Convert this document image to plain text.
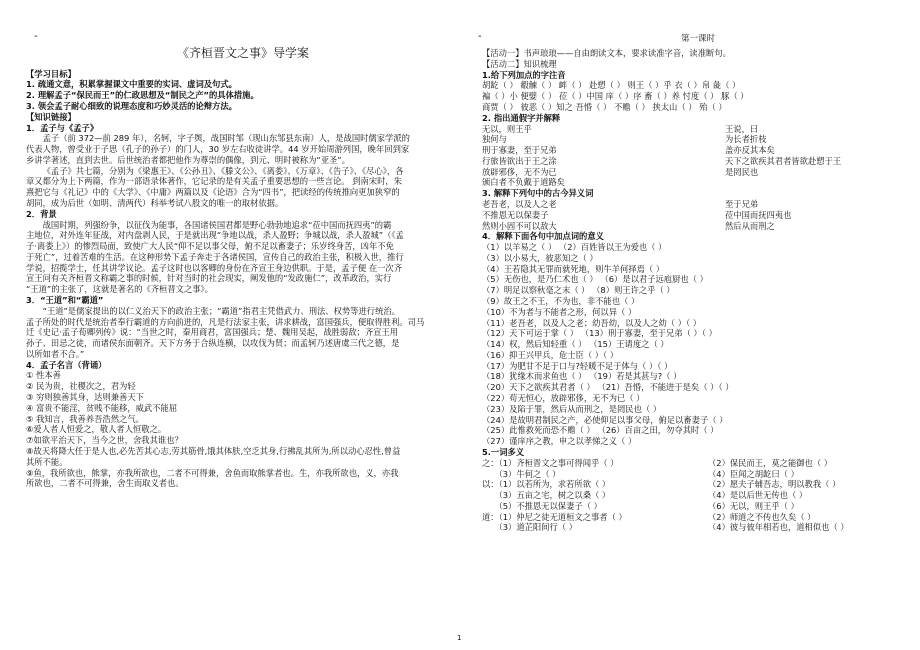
-
《齐桓晋文之事》导学案

【学习目标】

1. 疏通文意，积累掌握课文中重要的实词、虚词及句式。

2. 理解孟子“保民而王”的仁政思想及“制民之产”的具体措施。

3. 领会孟子耐心细致的说理态度和巧妙灵活的论辩方法。

【知识链接】

1．孟子与《孟子》

孟子（前 372—前 289 年），名轲，字子舆，战国时邹（现山东邹县东南）人，是战国时儒家学派的

代表人物，曾受业于子思（孔子的孙子）的门人，30 岁左右收徒讲学。44 岁开始周游列国，晚年回到家

乡讲学著述，直到去世。后世统治者都把他作为尊崇的偶像，到元、明时被称为“亚圣”。

《孟子》共七篇，分别为《梁惠王》、《公孙丑》、《滕文公》、《离娄》、《万章》、《告子》、《尽心》，各

章又都分为上下两篇，作为一部语录体著作，它记录的是有关孟子重要思想的一些言论。 到南宋时，朱

熹把它与《礼记》中的《大学》、《中庸》两篇以及《论语》合为“四书”，把读经的传统推向更加狭窄的

胡同，成为后世（如明、清两代）科举考试八股文的唯一的取材依据。

2．背景

战国时期，列强纷争，以征伐为能事，各国诸侯国君都是野心勃勃地追求“莅中国而抚四夷”的霸

主地位，对外连年征战，对内盘剥人民，于是就出现“争地以战，杀人盈野；争城以战，杀人盈城”（《孟

子·离娄上》）的惨烈局面，致使广大人民“仰不足以事父母，俯不足以畜妻子；乐岁终身苦，凶年不免

于死亡”，过着苦难的生活。在这种形势下孟子奔走于各诸侯国，宣传自己的政治主张，积极入世，推行

学说，招揽学士，任其讲学议论。孟子这时也以客卿的身份在齐宣王身边供职。于是，孟子便 在一次齐

宣王问有关齐桓晋文称霸之事的时候，针对当时的社会现实，阐发他的“发政施仁”，改革政治，实行

“王道”的主张了，这就是著名的《齐桓晋文之事》。

3．“王道”和“霸道”

“王道”是儒家提出的以仁义治天下的政治主张；“霸道”指君主凭借武力、刑法、权势等进行统治。

孟子所处的时代是统治者奉行霸道的方向前进的，凡是行法家主张，讲求耕战，富国强兵，便取得胜利。司马

迁《史记·孟子荀卿列传》说：“当世之时，秦用商君，富国强兵；楚、魏用吴起，战胜弱敌；齐宣王用

孙子、田忌之徒，而诸侯东面朝齐。天下方务于合纵连横，以攻伐为贤；而孟轲乃述唐虞三代之德，是

以所如者不合。”

4．孟子名言（背诵）

① 性本善

② 民为贵，社稷次之，君为轻

③ 穷则独善其身，达则兼善天下

④ 富贵不能淫，贫贱不能移，威武不能屈

⑤ 我知言，我善养吾浩然之气。

⑥爱人者人恒爱之，敬人者人恒敬之。

⑦如欲平治天下，当今之世，舍我其谁也？

⑧故天将降大任于是人也,必先苦其心志,劳其筋骨,饿其体肤,空乏其身,行拂乱其所为,所以动心忍性,曾益

其所不能。

⑨鱼，我所欲也，熊掌，亦我所欲也，二者不可得兼，舍鱼而取熊掌者也。生，亦我所欲也，义，亦我

所欲也，二者不可得兼，舍生而取义者也。

-	第一课时

【活动一】书声琅琅——自由朗读文本，要求读准字音，读准断句。

【活动二】知识梳理

1.给下列加点的字注音

胡龁（ ） 觳觫（ ） 衅（ ） 赴愬（ ） 则王（ ）乎 衣（ ）帛 彘（ ）

褊（ ）小 便嬖（ ） 莅（ ）中国 庠（ ）序 畜（ ）养 忖度（ ） 豚（ ）

商贾（ ） 彼恶（ ）知之 吾惛（ ） 不赡（ ） 挟太山（ ） 殆（ ）

2. 指出通假字并解释

无以，则王乎	王说，曰
独何与	为长者折枝
刑于寡妻，至于兄弟	盖亦反其本矣
行旅皆欲出于王之涂	天下之欲疾其君者皆欲赴愬于王
放辟邪侈，无不为已	是罔民也
颁白者不负戴于道路矣

3. 解释下列句中的古今异义词

老吾老，以及人之老	至于兄弟
不推恩无以保妻子	莅中国而抚四夷也
然则小固不可以敌大	然后从而刑之

4．解释下面各句中加点词的意义

（1）以羊易之（ ） （2）百姓皆以王为爱也（ ）

（3）以小易大，彼恶知之（ ）

（4）王若隐其无罪而就死地，则牛羊何择焉（ ）

（5）无伤也，是乃仁术也（ ） （6）是以君子远庖厨也（ ）

（7）明足以察秋毫之末（ ） （8）则王许之乎（ ）

（9）故王之不王，不为也，非不能也（ ）

（10）不为者与不能者之形，何以异（ ）

（11）老吾老，以及人之老；幼吾幼，以及人之幼（ ）（ ）

（12）天下可运于掌（ ） （13）刑于寡妻，至于兄弟（ ）（ ）

（14）权，然后知轻重（ ） （15）王请度之（ ）

（16）抑王兴甲兵，危士臣（ ）（ ）

（17）为肥甘不足于口与?轻暖不足于体与（ ）（ ）

（18）犹缘木而求鱼也（ ） （19）若是其甚与?（ ）

（20）天下之欲疾其君者（ ） （21）吾惛，不能进于是矣（ ）（ ）

（22）苟无恒心，放辟邪侈，无不为已（ ）

（23）及陷于罪，然后从而刑之，是罔民也（ ）

（24）是故明君制民之产，必使仰足以事父母，俯足以畜妻子（ ）

（25）此惟救死而恐不赡（ ） （26）百亩之田，勿夺其时（ ）

（27）谨庠序之教，申之以孝悌之义（ ）

5.一词多义

之：（1）齐桓晋文之事可得闻乎（ ）	（2）保民而王，莫之能御也（ ）
　　（3）牛何之（ ）	（4）臣闻之胡龁曰（ ）
以：（1）以若所为，求若所欲（ ）	（2）愿夫子辅吾志，明以教我（ ）
　　（3）五亩之宅，树之以桑（ ）	（4）是以后世无传也（ ）
　　（5）不推恩无以保妻子（ ）	（6）无以，则王乎（ ）
道：（1）仲尼之徒无道桓文之事者（ ）	（2）师道之不传也久矣（ ）
　　（3）道芷阳间行（ ）	（4）彼与彼年相若也，道相似也（ ）
1
